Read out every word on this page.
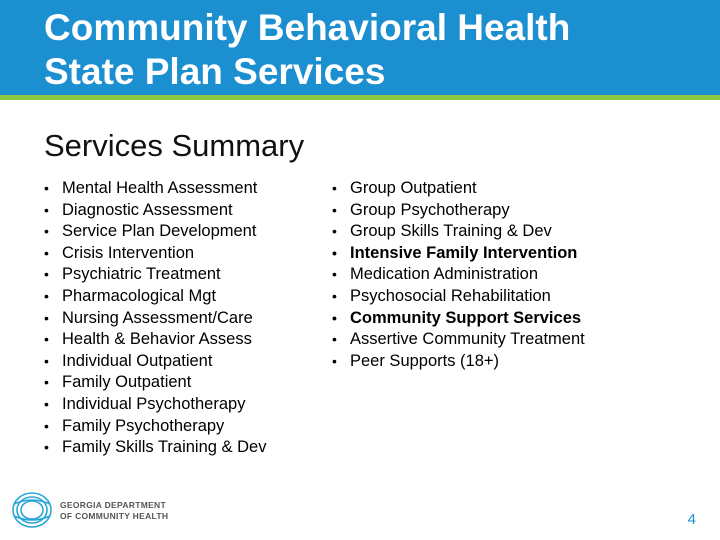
Community Behavioral Health
State Plan Services
Services Summary
• Mental Health Assessment
• Diagnostic Assessment
• Service Plan Development
• Crisis Intervention
• Psychiatric Treatment
• Pharmacological Mgt
• Nursing Assessment/Care
• Health & Behavior Assess
• Individual Outpatient
• Family Outpatient
• Individual Psychotherapy
• Family Psychotherapy
• Family Skills Training & Dev
• Group Outpatient
• Group Psychotherapy
• Group Skills Training & Dev
• Intensive Family Intervention
• Medication Administration
• Psychosocial Rehabilitation
• Community Support Services
• Assertive Community Treatment
• Peer Supports (18+)
GEORGIA DEPARTMENT
OF COMMUNITY HEALTH	4
